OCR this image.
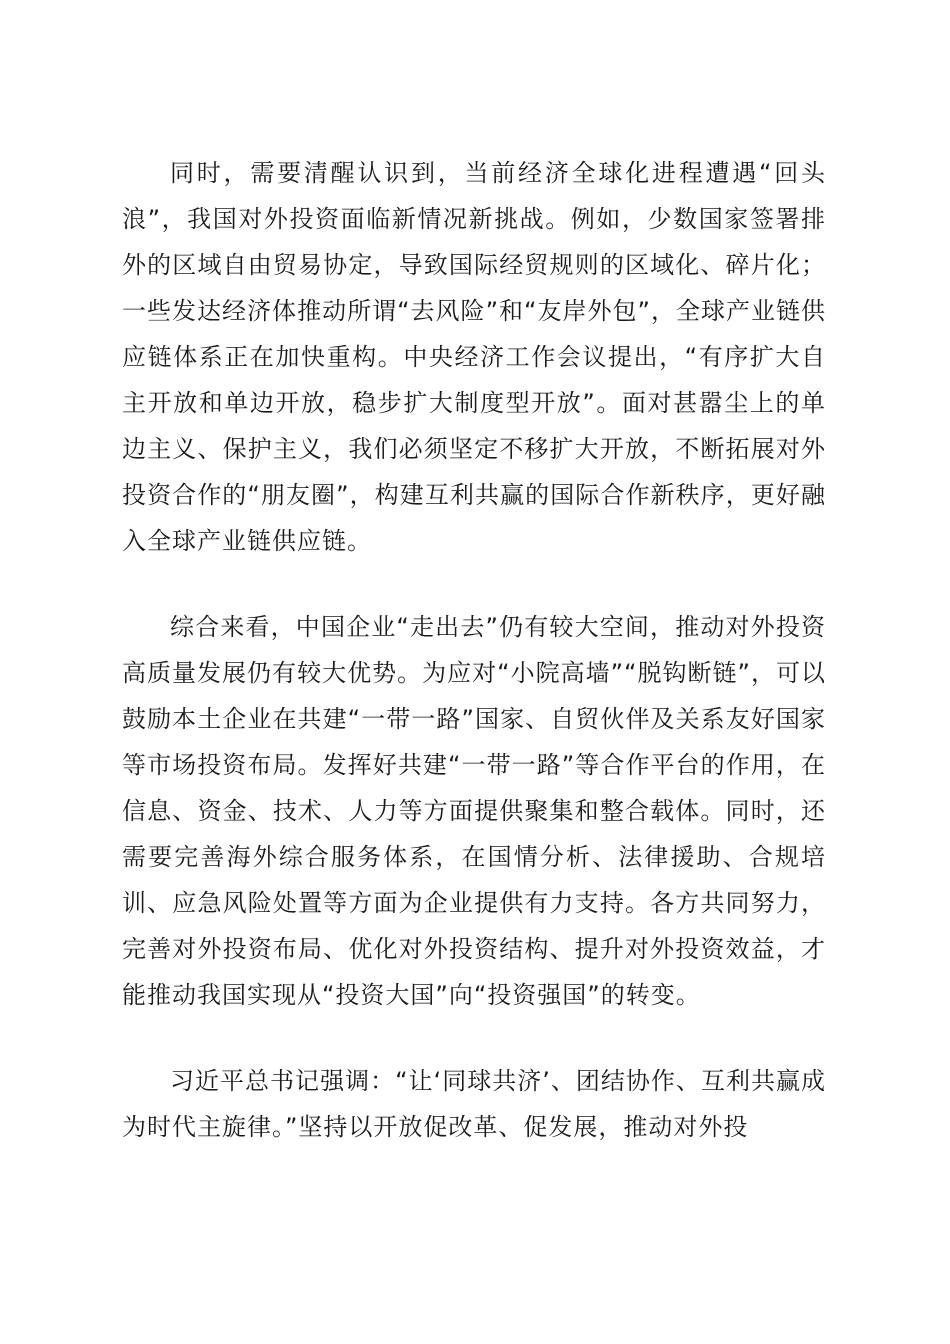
同时，需要清醒认识到，当前经济全球化进程遭遇“回头浪”，我国对外投资面临新情况新挑战。例如，少数国家签署排外的区域自由贸易协定，导致国际经贸规则的区域化、碎片化；一些发达经济体推动所谓“去风险”和“友岸外包”，全球产业链供应链体系正在加快重构。中央经济工作会议提出，“有序扩大自主开放和单边开放，稳步扩大制度型开放”。面对甚嚣尘上的单边主义、保护主义，我们必须坚定不移扩大开放，不断拓展对外投资合作的“朋友圈”，构建互利共赢的国际合作新秩序，更好融入全球产业链供应链。

综合来看，中国企业“走出去”仍有较大空间，推动对外投资高质量发展仍有较大优势。为应对“小院高墙”“脱钩断链”，可以鼓励本土企业在共建“一带一路”国家、自贸伙伴及关系友好国家等市场投资布局。发挥好共建“一带一路”等合作平台的作用，在信息、资金、技术、人力等方面提供聚集和整合载体。同时，还需要完善海外综合服务体系，在国情分析、法律援助、合规培训、应急风险处置等方面为企业提供有力支持。各方共同努力，完善对外投资布局、优化对外投资结构、提升对外投资效益，才能推动我国实现从“投资大国”向“投资强国”的转变。

习近平总书记强调：“让‘同球共济’、团结协作、互利共赢成为时代主旋律。”坚持以开放促改革、促发展，推动对外投
